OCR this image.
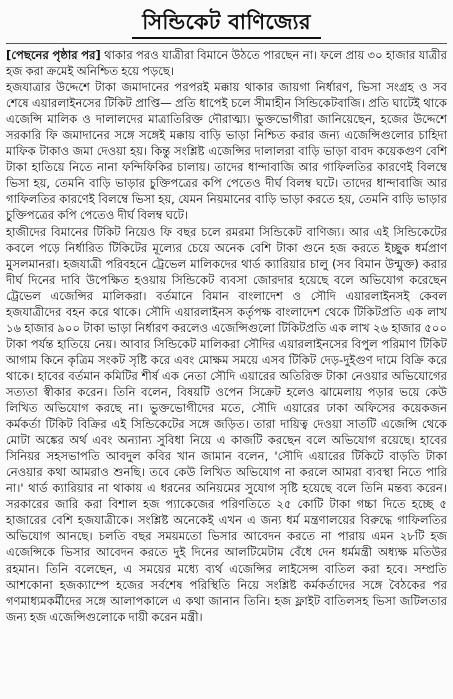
সিন্ডিকেট বাণিজ্যের

[পেছনের পৃষ্ঠার পর] থাকার পরও যাত্রীরা বিমানে উঠতে পারছেন না। ফলে প্রায় ৩০ হাজার যাত্রীর হজ করা ক্রমেই অনিশ্চিত হয়ে পড়ছে।

হজযাত্রার উদ্দেশে টাকা জমাদানের পরপরই মক্কায় থাকার জায়গা নির্ধারণ, ভিসা সংগ্রহ ও সব শেষে এয়ারলাইনসের টিকিট প্রাপ্তি— প্রতি ধাপেই চলে সীমাহীন সিন্ডিকেটবাজি। প্রতি ঘাটেই থাকে এজেন্সি মালিক ও দালালদের মাত্রাতিরিক্ত দৌরাত্ম্য। ভুক্তভোগীরা জানিয়েছেন, হজের উদ্দেশে সরকারি ফি জমাদানের সঙ্গে সঙ্গেই মক্কায় বাড়ি ভাড়া নিশ্চিত করার জন্য এজেন্সিগুলোর চাহিদা মাফিক টাকাও জমা দেওয়া হয়। কিন্তু সংশ্লিষ্ট এজেন্সির দালালরা বাড়ি ভাড়া বাবদ কয়েকগুণ বেশি টাকা হাতিয়ে নিতে নানা ফন্দিফিকির চালায়। তাদের ধান্দাবাজি আর গাফিলতির কারণেই বিলম্বে ভিসা হয়, তেমনি বাড়ি ভাড়ার চুক্তিপত্রের কপি পেতেও দীর্ঘ বিলম্ব ঘটে। তাদের ধান্দাবাজি আর গাফিলতির কারণেই বিলম্বে ভিসা হয়, যেমন নিয়মানের বাড়ি ভাড়া করতে হয়, তেমনি বাড়ি ভাড়ার চুক্তিপত্রের কপি পেতেও দীর্ঘ বিলম্ব ঘটে।

হাজীদের বিমানের টিকিট নিয়েও ফি বছর চলে রমরমা সিন্ডিকেট বাণিজ্য। আর এই সিন্ডিকেটের কবলে পড়ে নির্ধারিত টিকিটের মূল্যের চেয়ে অনেক বেশি টাকা গুনে হজ করতে ইচ্ছুক ধর্মপ্রাণ মুসলমানরা। হজযাত্রী পরিবহনে ট্রেভেল মালিকদের থার্ড ক্যারিয়ার চালু (সব বিমান উন্মুক্ত) করার দীর্ঘ দিনের দাবি উপেক্ষিত হওয়ায় সিন্ডিকেট ব্যবসা জোরদার হয়েছে বলে অভিযোগ করেছেন ট্রেভেল এজেন্সির মালিকরা। বর্তমানে বিমান বাংলাদেশ ও সৌদি এয়ারলাইনসই কেবল হজযাত্রীদের বহন করে থাকে। সৌদি এয়ারলাইনস কর্তৃপক্ষ বাংলাদেশ থেকে টিকিটপ্রতি এক লাখ ১৬ হাজার ৯০০ টাকা ভাড়া নির্ধারণ করলেও এজেন্সিগুলো টিকিটপ্রতি এক লাখ ২৬ হাজার ৫০০ টাকা পর্যন্ত হাতিয়ে নেয়। আবার সিন্ডিকেট মালিকরা সৌদির এয়ারলাইনসের বিপুল পরিমাণ টিকিট আগাম কিনে কৃত্রিম সংকট সৃষ্টি করে এবং মোক্ষম সময়ে এসব টিকিট দেড়-দুইগুণ দামে বিক্রি করে থাকে। হাবের বর্তমান কমিটির শীর্ষ এক নেতা সৌদি এয়ারের অতিরিক্ত টাকা নেওয়ার অভিযোগের সত্যতা স্বীকার করেন। তিনি বলেন, বিষয়টি ওপেন সিক্রেট হলেও ঝামেলায় পড়ার ভয়ে কেউ লিখিত অভিযোগ করছে না। ভুক্তভোগীদের মতে, সৌদি এয়ারের ঢাকা অফিসের কয়েকজন কর্মকর্তা টিকিট বিক্রির এই সিন্ডিকেটের সঙ্গে জড়িত। তারা দায়িত্ব দেওয়া সাতটি এজেন্সি থেকে মোটা অঙ্কের অর্থ এবং অন্যান্য সুবিধা নিয়ে এ কাজটি করছেন বলে অভিযোগ রয়েছে। হাবের সিনিয়র সহসভাপতি আবদুল কবির খান জামান বলেন, 'সৌদি এয়ারের টিকিটে বাড়তি টাকা নেওয়ার কথা আমরাও শুনছি। তবে কেউ লিখিত অভিযোগ না করলে আমরা ব্যবস্থা নিতে পারি না।' থার্ড ক্যারিয়ার না থাকায় এ ধরনের অনিয়মের সুযোগ সৃষ্টি হয়েছে বলে তিনি মন্তব্য করেন। সরকারের জারি করা বিশাল হজ প্যাকেজের পরিণতিতে ২৫ কোটি টাকা গচ্চা দিতে হচ্ছে ৫ হাজারের বেশি হজযাত্রীকে। সংশ্লিষ্ট অনেকেই এখন এ জন্য ধর্ম মন্ত্রণালয়ের বিরুদ্ধে গাফিলতির অভিযোগ আনছে। চলতি বছর সময়মতো ভিসার আবেদন করতে না পারায় এমন ২৮টি হজ এজেন্সিকে ভিসার আবেদন করতে দুই দিনের আলটিমেটাম বেঁধে দেন ধর্মমন্ত্রী অধ্যক্ষ মতিউর রহমান। তিনি বলেছেন, এ সময়ের মধ্যে ব্যর্থ এজেন্সির লাইসেন্স বাতিল করা হবে। সম্প্রতি আশকোনা হজক্যাম্পে হজের সর্বশেষ পরিস্থিতি নিয়ে সংশ্লিষ্ট কর্মকর্তাদের সঙ্গে বৈঠকের পর গণমাধ্যমকর্মীদের সঙ্গে আলাপকালে এ কথা জানান তিনি। হজ ফ্লাইট বাতিলসহ ভিসা জটিলতার জন্য হজ এজেন্সিগুলোকে দায়ী করেন মন্ত্রী।
